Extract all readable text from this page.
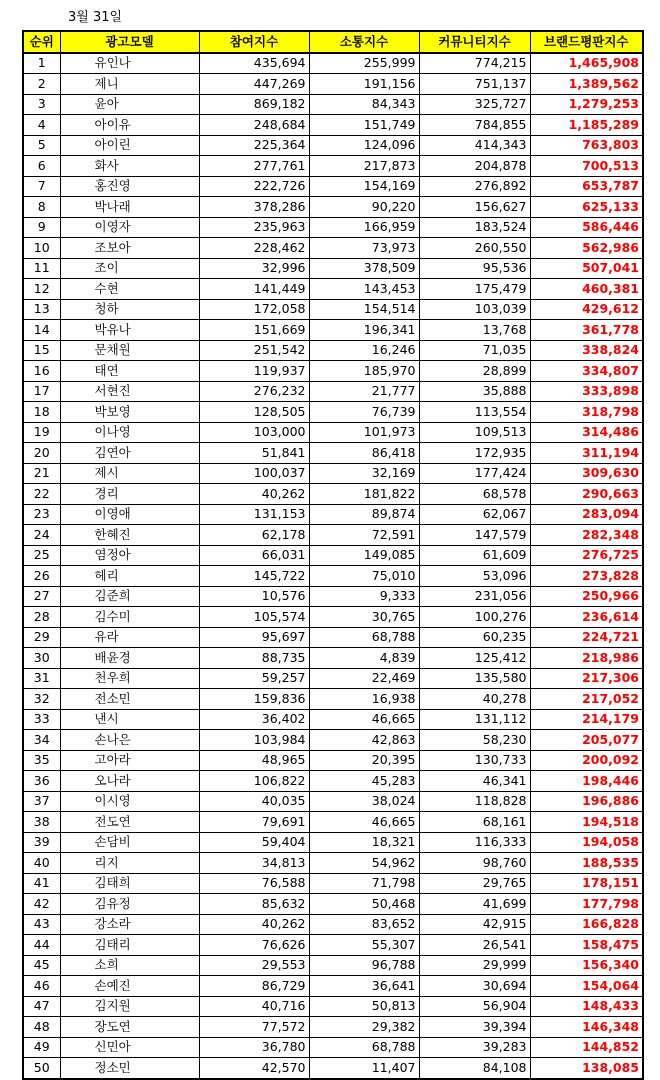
3월 31일
순위	광고모델	참여지수	소통지수	커뮤니티지수	브랜드평판지수
1	유인나	435,694	255,999	774,215	1,465,908
2	제니	447,269	191,156	751,137	1,389,562
3	윤아	869,182	84,343	325,727	1,279,253
4	아이유	248,684	151,749	784,855	1,185,289
5	아이린	225,364	124,096	414,343	763,803
6	화사	277,761	217,873	204,878	700,513
7	홍진영	222,726	154,169	276,892	653,787
8	박나래	378,286	90,220	156,627	625,133
9	이영자	235,963	166,959	183,524	586,446
10	조보아	228,462	73,973	260,550	562,986
11	조이	32,996	378,509	95,536	507,041
12	수현	141,449	143,453	175,479	460,381
13	청하	172,058	154,514	103,039	429,612
14	박유나	151,669	196,341	13,768	361,778
15	문채원	251,542	16,246	71,035	338,824
16	태연	119,937	185,970	28,899	334,807
17	서현진	276,232	21,777	35,888	333,898
18	박보영	128,505	76,739	113,554	318,798
19	이나영	103,000	101,973	109,513	314,486
20	김연아	51,841	86,418	172,935	311,194
21	제시	100,037	32,169	177,424	309,630
22	경리	40,262	181,822	68,578	290,663
23	이영애	131,153	89,874	62,067	283,094
24	한혜진	62,178	72,591	147,579	282,348
25	염정아	66,031	149,085	61,609	276,725
26	헤리	145,722	75,010	53,096	273,828
27	김준희	10,576	9,333	231,056	250,966
28	김수미	105,574	30,765	100,276	236,614
29	유라	95,697	68,788	60,235	224,721
30	배윤경	88,735	4,839	125,412	218,986
31	천우희	59,257	22,469	135,580	217,306
32	전소민	159,836	16,938	40,278	217,052
33	낸시	36,402	46,665	131,112	214,179
34	손나은	103,984	42,863	58,230	205,077
35	고아라	48,965	20,395	130,733	200,092
36	오나라	106,822	45,283	46,341	198,446
37	이시영	40,035	38,024	118,828	196,886
38	전도연	79,691	46,665	68,161	194,518
39	손담비	59,404	18,321	116,333	194,058
40	리지	34,813	54,962	98,760	188,535
41	김태희	76,588	71,798	29,765	178,151
42	김유정	85,632	50,468	41,699	177,798
43	강소라	40,262	83,652	42,915	166,828
44	김태리	76,626	55,307	26,541	158,475
45	소희	29,553	96,788	29,999	156,340
46	손예진	86,729	36,641	30,694	154,064
47	김지원	40,716	50,813	56,904	148,433
48	장도연	77,572	29,382	39,394	146,348
49	신민아	36,780	68,788	39,283	144,852
50	정소민	42,570	11,407	84,108	138,085
